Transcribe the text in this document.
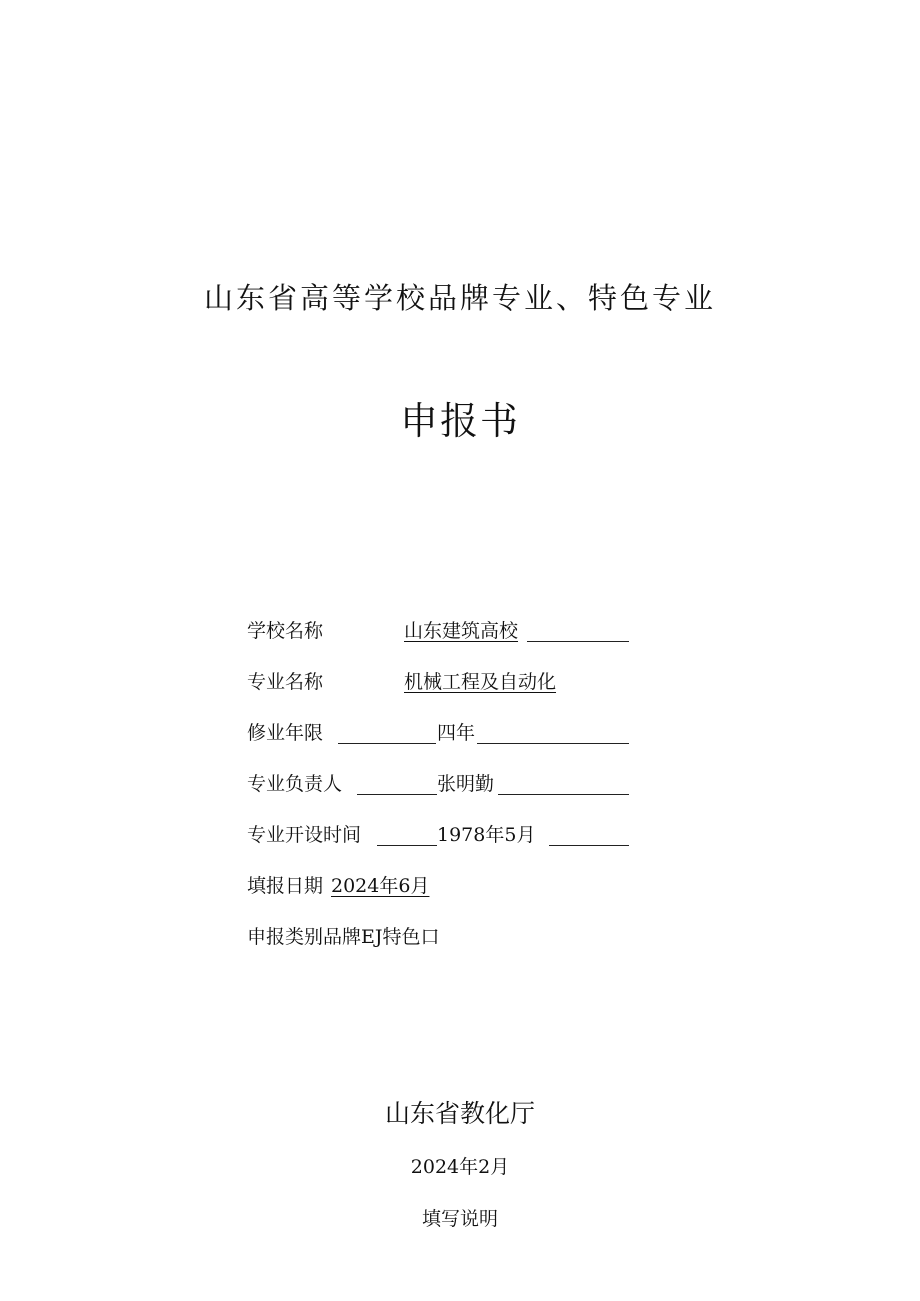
山东省高等学校品牌专业、特色专业
申报书
学校名称	山东建筑高校
专业名称	机械工程及自动化
修业年限	四年
专业负责人	张明勤
专业开设时间	1978年5月
填报日期 2024年6月
申报类别品牌EJ特色口
山东省教化厅
2024年2月
填写说明
